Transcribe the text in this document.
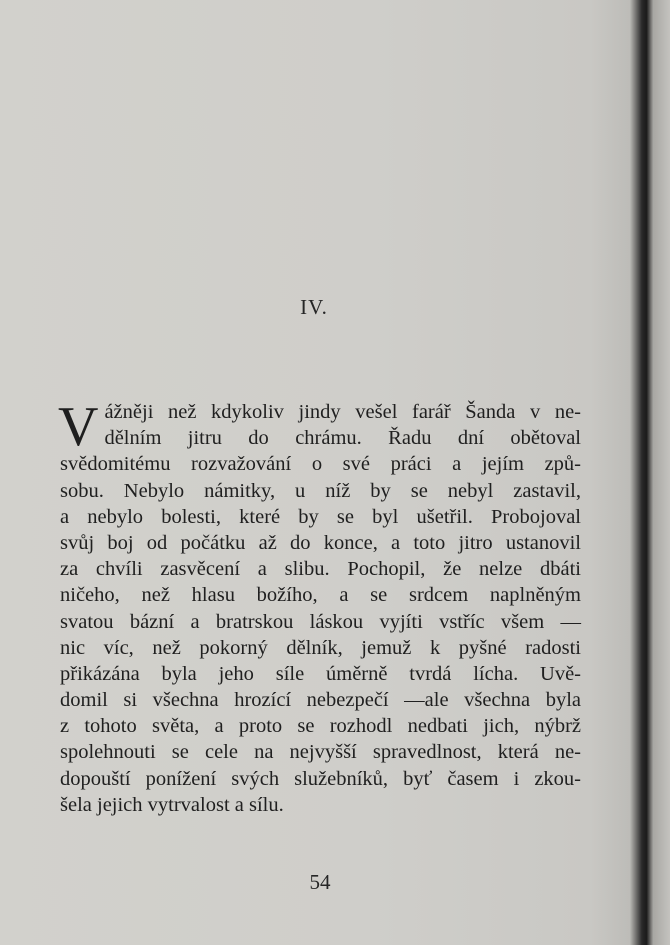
IV.
V ážněji než kdykoliv jindy vešel farář Šanda v ne-
dělním jitru do chrámu. Řadu dní obětoval
svědomitému rozvažování o své práci a jejím způ-
sobu. Nebylo námitky, u níž by se nebyl zastavil,
a nebylo bolesti, které by se byl ušetřil. Probojoval
svůj boj od počátku až do konce, a toto jitro ustanovil
za chvíli zasvěcení a slibu. Pochopil, že nelze dbáti
ničeho, než hlasu božího, a se srdcem naplněným
svatou bázní a bratrskou láskou vyjíti vstříc všem —
nic víc, než pokorný dělník, jemuž k pyšné radosti
přikázána byla jeho síle úměrně tvrdá lícha. Uvě-
domil si všechna hrozící nebezpečí —ale všechna byla
z tohoto světa, a proto se rozhodl nedbati jich, nýbrž
spolehnouti se cele na nejvyšší spravedlnost, která ne-
dopouští ponížení svých služebníků, byť časem i zkou-
šela jejich vytrvalost a sílu.
54
